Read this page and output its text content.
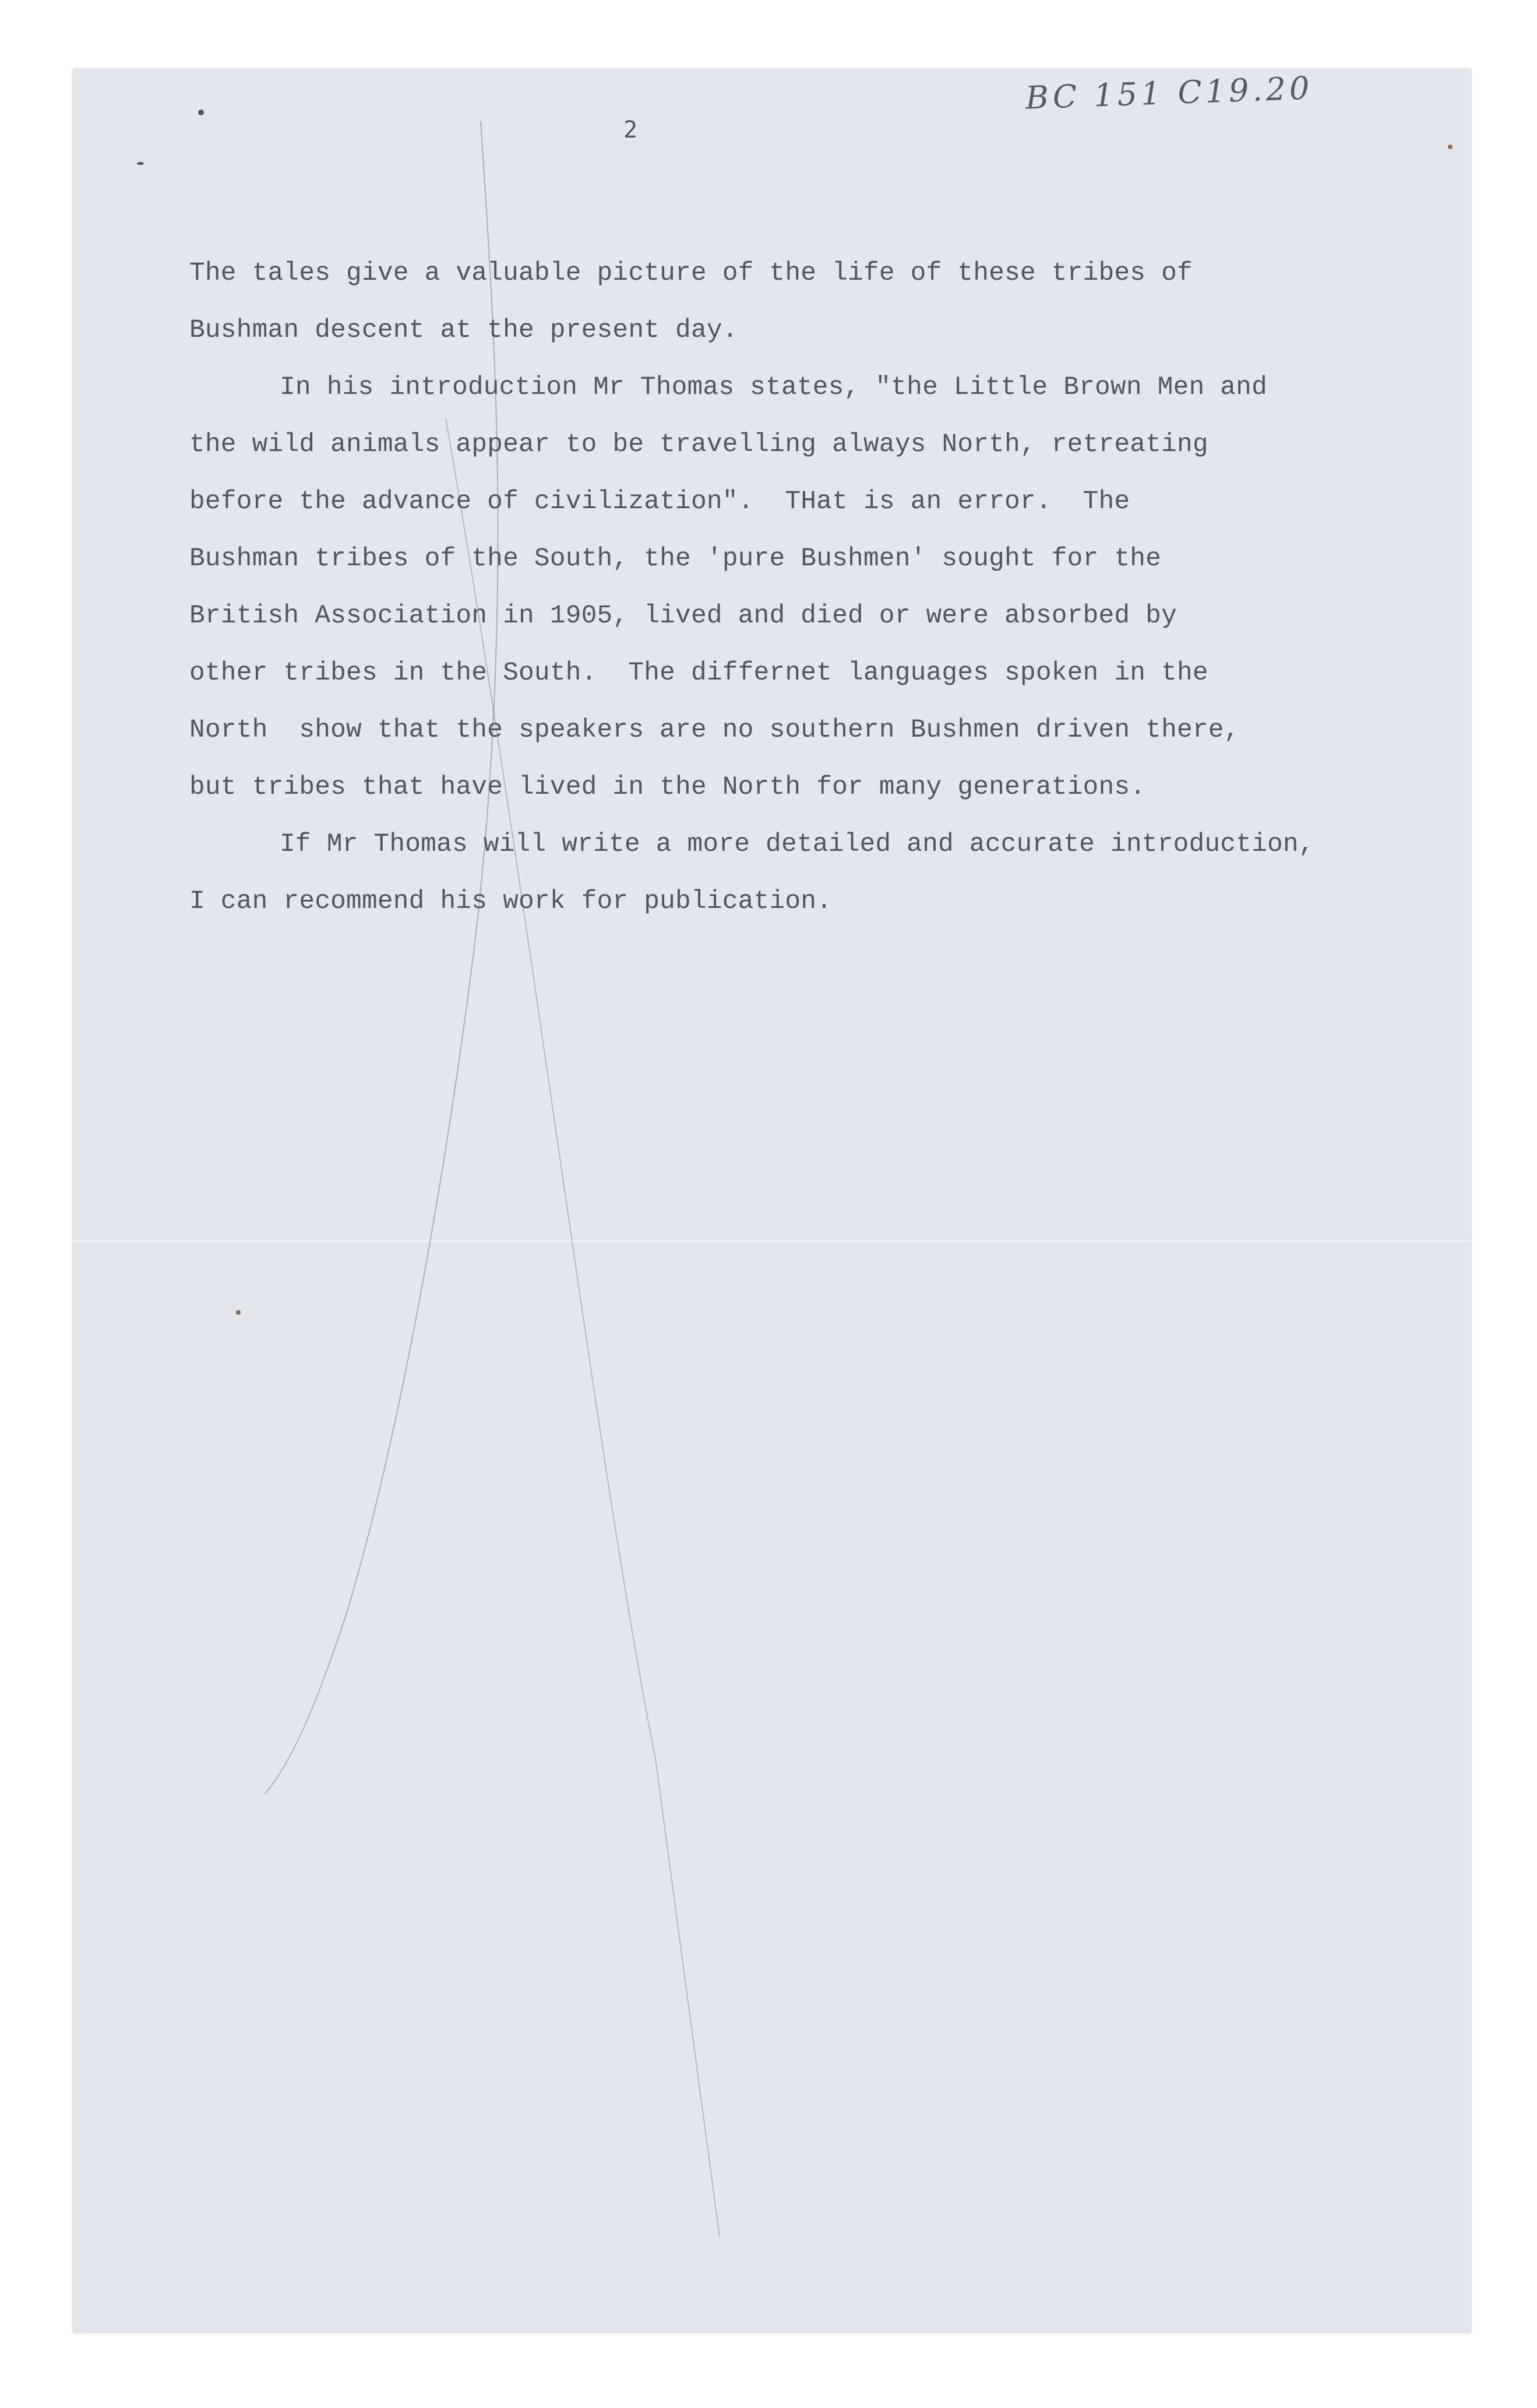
2
BC 151 C19.20
The tales give a valuable picture of the life of these tribes of
Bushman descent at the present day.
In his introduction Mr Thomas states, "the Little Brown Men and
the wild animals appear to be travelling always North, retreating
before the advance of civilization".  THat is an error.  The
Bushman tribes of the South, the 'pure Bushmen' sought for the
British Association in 1905, lived and died or were absorbed by
other tribes in the South.  The differnet languages spoken in the
North  show that the speakers are no southern Bushmen driven there,
but tribes that have lived in the North for many generations.
If Mr Thomas will write a more detailed and accurate introduction,
I can recommend his work for publication.
